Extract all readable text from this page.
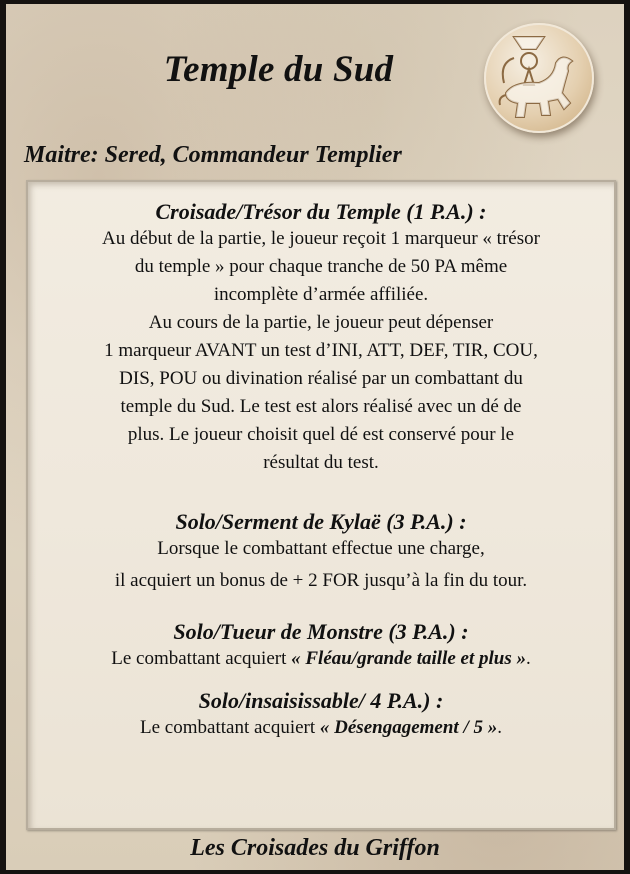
Temple du Sud
Maitre: Sered, Commandeur Templier
Croisade/Trésor du Temple (1 P.A.) :
Au début de la partie, le joueur reçoit 1 marqueur « trésor
du temple » pour chaque tranche de 50 PA même
incomplète d’armée affiliée.
Au cours de la partie, le joueur peut dépenser
1 marqueur AVANT un test d’INI, ATT, DEF, TIR, COU,
DIS, POU ou divination réalisé par un combattant du
temple du Sud. Le test est alors réalisé avec un dé de
plus. Le joueur choisit quel dé est conservé pour le
résultat du test.
Solo/Serment de Kylaë (3 P.A.) :
Lorsque le combattant effectue une charge,
il acquiert un bonus de + 2 FOR jusqu’à la fin du tour.
Solo/Tueur de Monstre (3 P.A.) :
Le combattant acquiert « Fléau/grande taille et plus ».
Solo/insaisissable/ 4 P.A.) :
Le combattant acquiert « Désengagement / 5 ».
Les Croisades du Griffon
